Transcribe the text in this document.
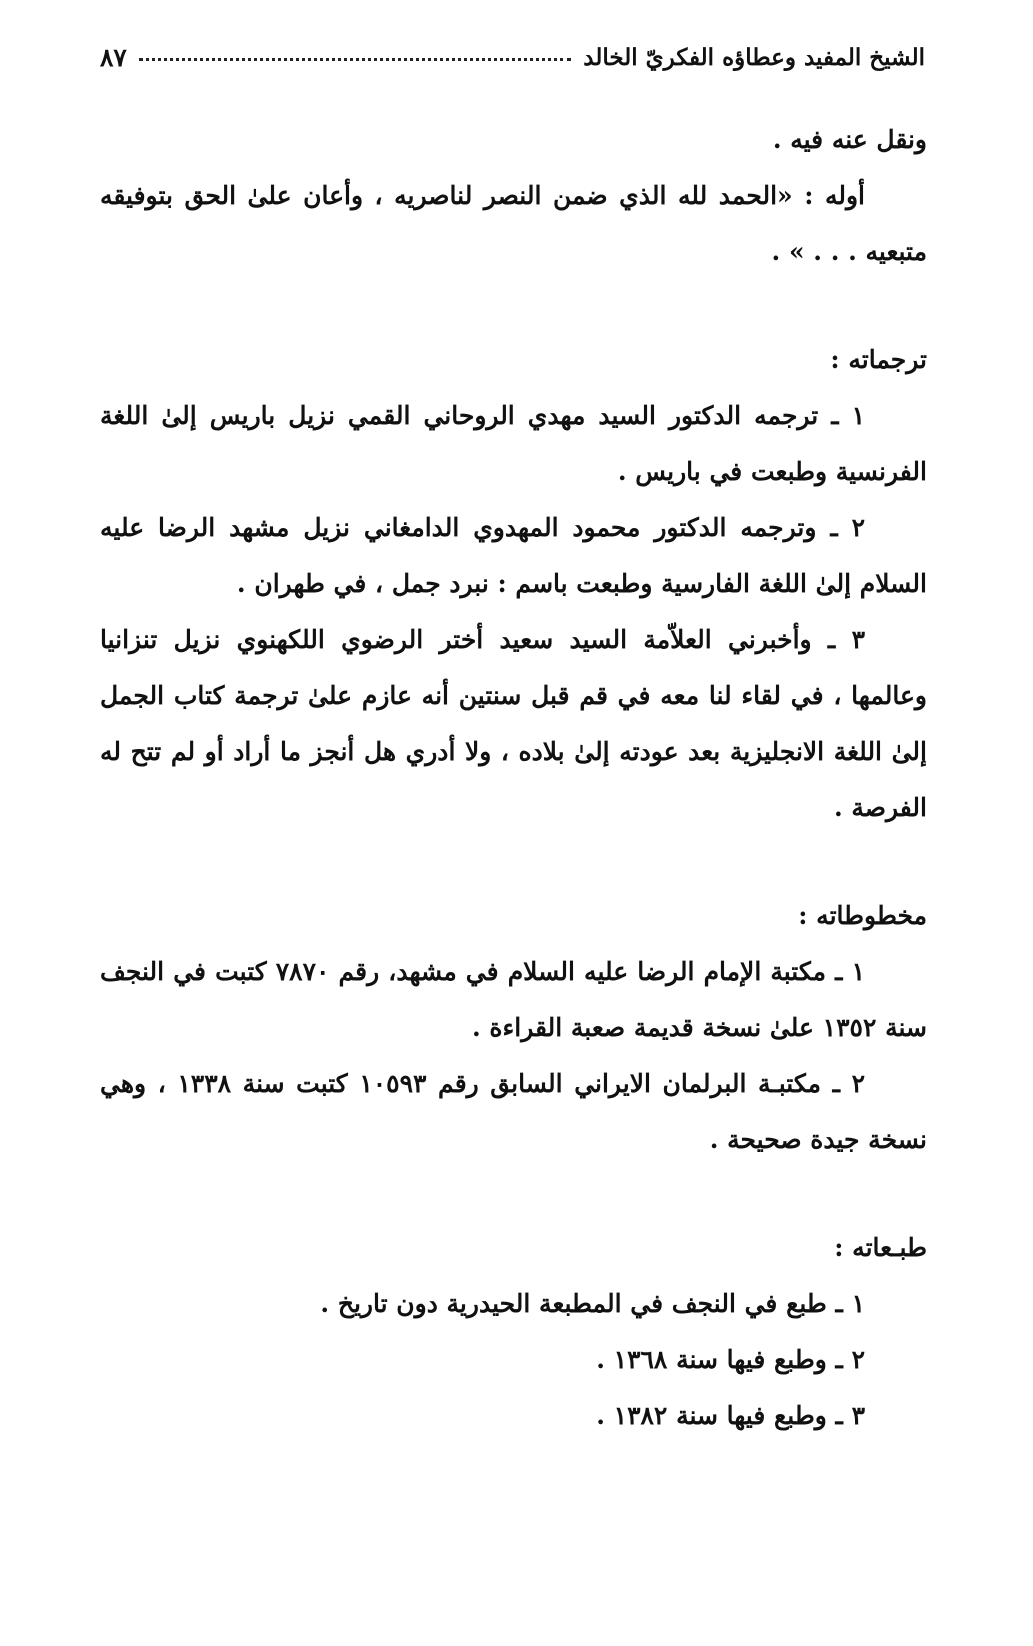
الشيخ المفيد وعطاؤه الفكريّ الخالد
٨٧

ونقل عنه فيه .

أوله : «الحمد لله الذي ضمن النصر لناصريه ، وأعان علىٰ الحق بتوفيقه متبعيه . . . » .

ترجماته :

١ ـ ترجمه الدكتور السيد مهدي الروحاني القمي نزيل باريس إلىٰ اللغة الفرنسية وطبعت في باريس .

٢ ـ وترجمه الدكتور محمود المهدوي الدامغاني نزيل مشهد الرضا عليه السلام إلىٰ اللغة الفارسية وطبعت باسم : نبرد جمل ، في طهران .

٣ ـ وأخبرني العلاّمة السيد سعيد أختر الرضوي اللكهنوي نزيل تنزانيا وعالمها ، في لقاء لنا معه في قم قبل سنتين أنه عازم علىٰ ترجمة كتاب الجمل إلىٰ اللغة الانجليزية بعد عودته إلىٰ بلاده ، ولا أدري هل أنجز ما أراد أو لم تتح له الفرصة .

مخطوطاته :

١ ـ مكتبة الإمام الرضا عليه السلام في مشهد، رقم ٧٨٧٠ كتبت في النجف سنة ١٣٥٢ علىٰ نسخة قديمة صعبة القراءة .

٢ ـ مكتبـة البرلمان الايراني السابق رقم ١٠٥٩٣ كتبت سنة ١٣٣٨ ، وهي نسخة جيدة صحيحة .

طبـعاته :

١ ـ طبع في النجف في المطبعة الحيدرية دون تاريخ .

٢ ـ وطبع فيها سنة ١٣٦٨ .

٣ ـ وطبع فيها سنة ١٣٨٢ .
